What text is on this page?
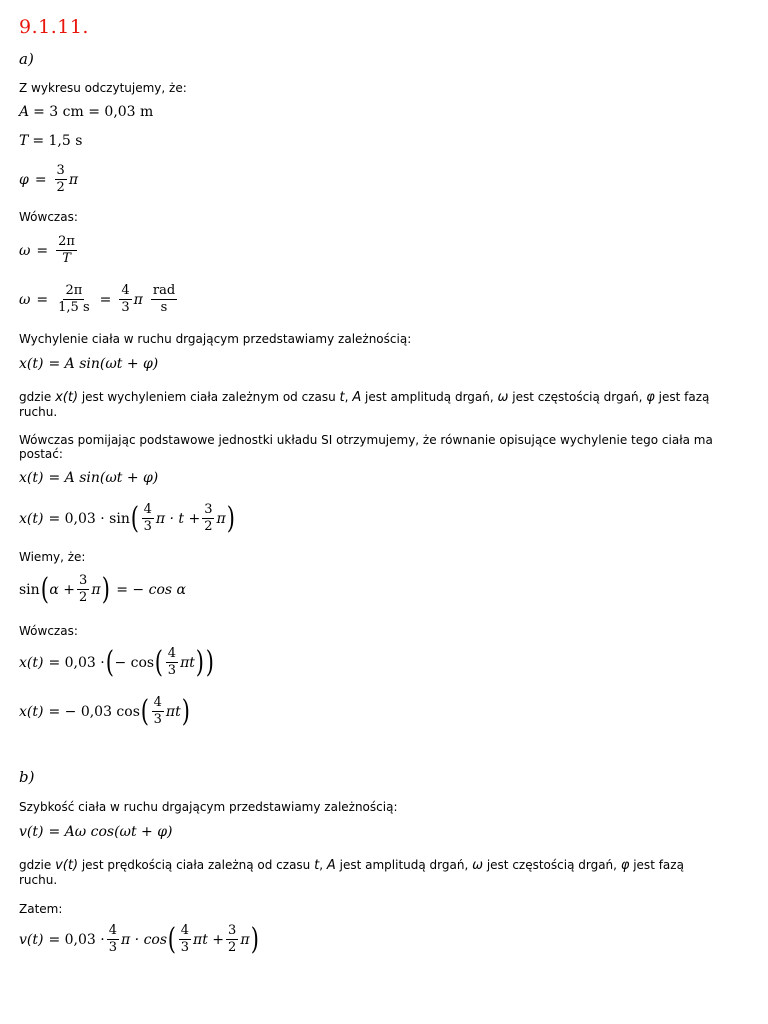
9.1.11.
a)
Z wykresu odczytujemy, że:
A = 3 cm = 0,03 m
T = 1,5 s
$\varphi = \frac{3}{2}$ π
Wówczas:
$\omega = \frac{2\pi}{T}$
$\omega = \frac{2\pi}{1,5 s} = \frac{4}{3}$ π $\frac{\text{rad}}{s}$
Wychylenie ciała w ruchu drgającym przedstawiamy zależnością:
x(t) = A sin(ωt + φ)
gdzie x(t) jest wychyleniem ciała zależnym od czasu t, A jest amplitudą drgań, ω jest częstością drgań, φ jest fazą
ruchu.
Wówczas pomijając podstawowe jednostki układu SI otrzymujemy, że równanie opisujące wychylenie tego ciała ma postać:
x(t) = A sin(ωt + φ)
x(t) = 0,03 · sin ( $\frac{4}{3}$ $\pi \cdot t + \frac{3}{2}$ π )
Wiemy, że:
sin ( $\alpha + \frac{3}{2}$ π ) = − cos α
Wówczas:
x(t) = 0,03 · ( − cos ( $\frac{4}{3}$ πt ) )
x(t) = − 0,03 cos ( $\frac{4}{3}$ πt )
b)
Szybkość ciała w ruchu drgającym przedstawiamy zależnością:
v(t) = Aω cos(ωt + φ)
gdzie v(t) jest prędkością ciała zależną od czasu t, A jest amplitudą drgań, ω jest częstością drgań, φ jest fazą
ruchu.
Zatem:
$v(t) = 0,03 \cdot \frac{4}{3}$ π · cos ( $\frac{4}{3}$ $\pi t + \frac{3}{2}$ π )
